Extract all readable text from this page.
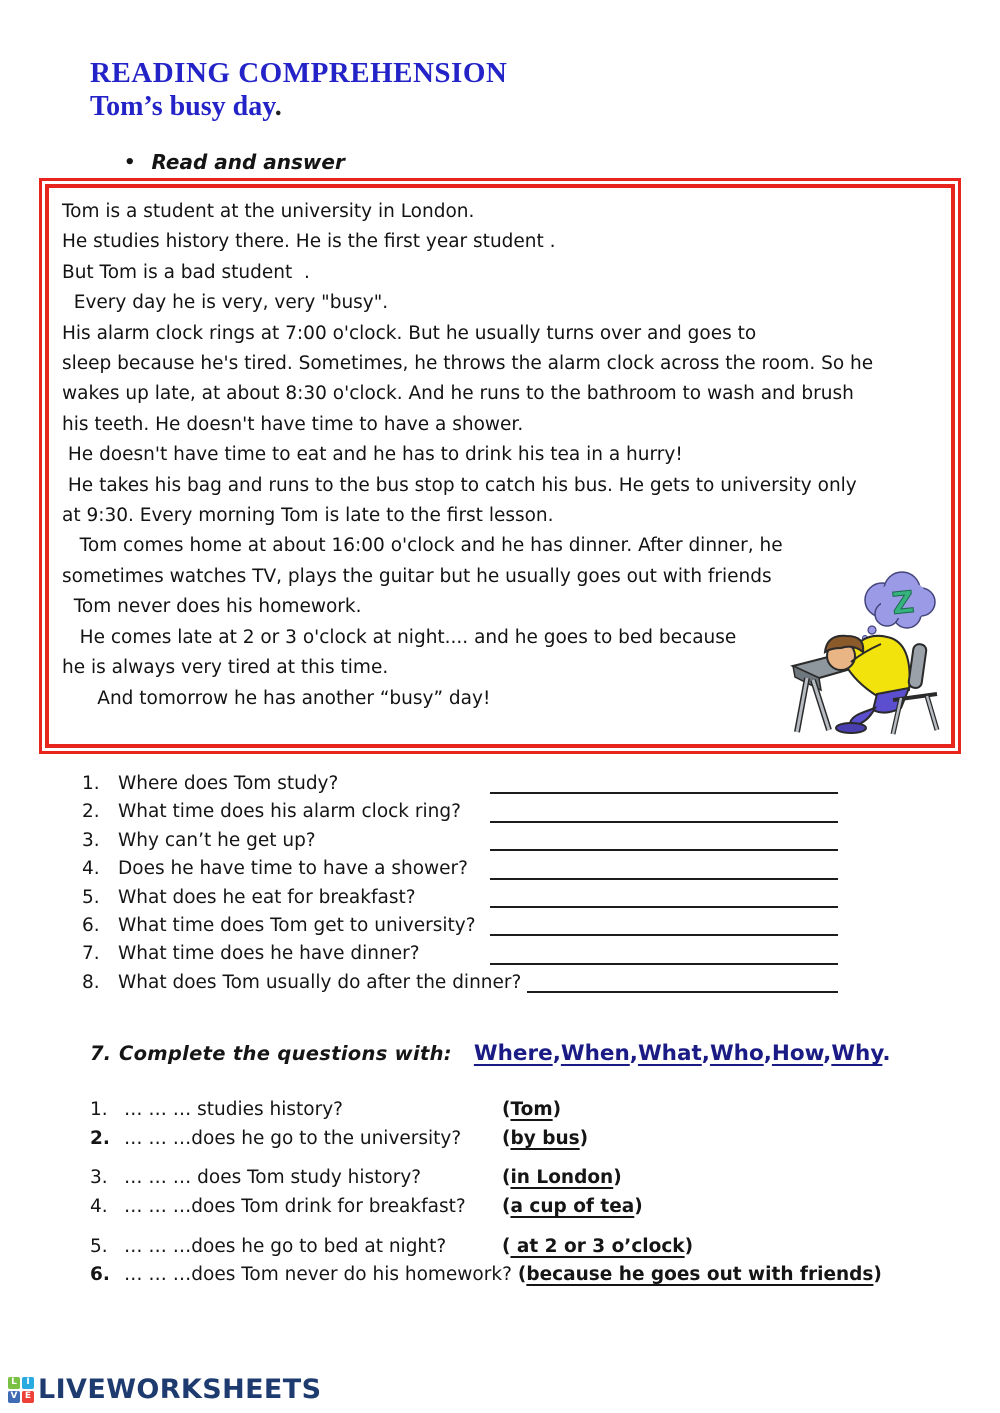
READING COMPREHENSION
Tom’s busy day.
• Read and answer
Tom is a student at the university in London.
He studies history there. He is the first year student .
But Tom is a bad student  .
Every day he is very, very "busy".
His alarm clock rings at 7:00 o'clock. But he usually turns over and goes to
sleep because he's tired. Sometimes, he throws the alarm clock across the room. So he
wakes up late, at about 8:30 o'clock. And he runs to the bathroom to wash and brush
his teeth. He doesn't have time to have a shower.
He doesn't have time to eat and he has to drink his tea in a hurry!
He takes his bag and runs to the bus stop to catch his bus. He gets to university only
at 9:30. Every morning Tom is late to the first lesson.
Tom comes home at about 16:00 o'clock and he has dinner. After dinner, he
sometimes watches TV, plays the guitar but he usually goes out with friends
Tom never does his homework.
He comes late at 2 or 3 o'clock at night.... and he goes to bed because
he is always very tired at this time.
And tomorrow he has another “busy” day!
Z
1. Where does Tom study?
2. What time does his alarm clock ring?
3. Why can’t he get up?
4. Does he have time to have a shower?
5. What does he eat for breakfast?
6. What time does Tom get to university?
7. What time does he have dinner?
8. What does Tom usually do after the dinner?
7. Complete the questions with: Where,When,What,Who,How,Why.
1. … … … studies history?	(Tom)
2. … … …does he go to the university?	(by bus)
3. … … … does Tom study history?	(in London)
4. … … …does Tom drink for breakfast?	(a cup of tea)
5. … … …does he go to bed at night?	( at 2 or 3 o’clock)
6. … … …does Tom never do his homework? (because he goes out with friends)
L	I
V E LIVEWORKSHEETS
